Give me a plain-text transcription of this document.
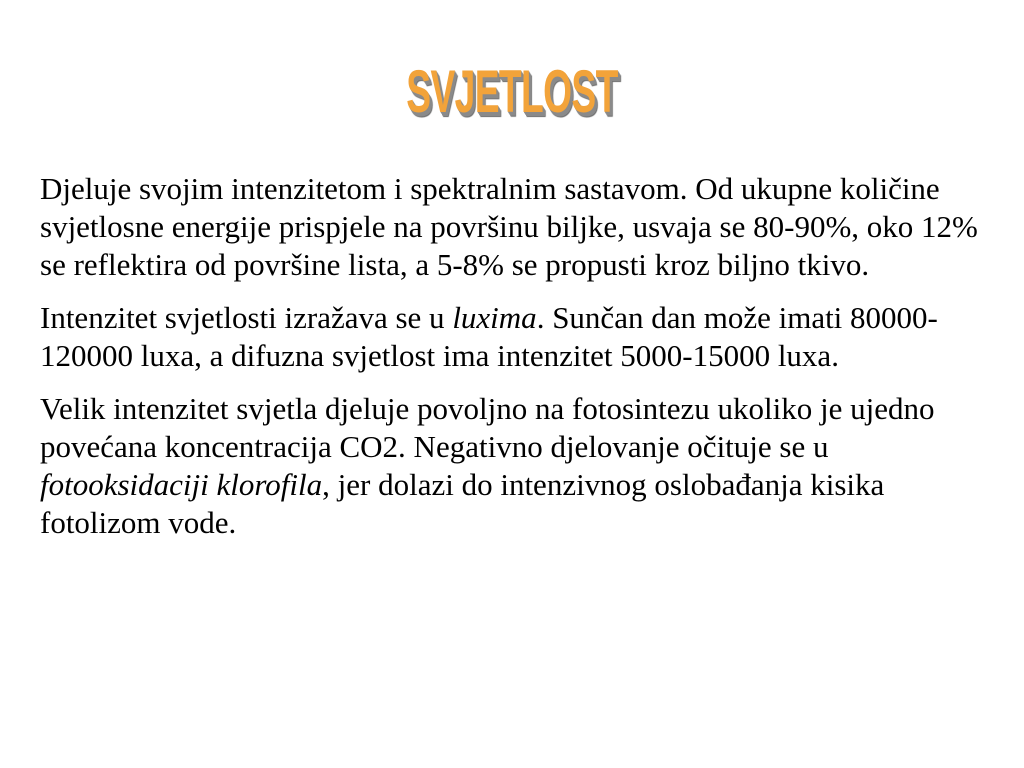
SVJETLOST

Djeluje svojim intenzitetom i spektralnim sastavom. Od ukupne količine svjetlosne energije prispjele na površinu biljke, usvaja se 80-90%, oko 12% se reflektira od površine lista, a 5-8% se propusti kroz biljno tkivo.

Intenzitet svjetlosti izražava se u luxima. Sunčan dan može imati 80000-120000 luxa, a difuzna svjetlost ima intenzitet 5000-15000 luxa.

Velik intenzitet svjetla djeluje povoljno na fotosintezu ukoliko je ujedno povećana koncentracija CO2. Negativno djelovanje očituje se u fotooksidaciji klorofila, jer dolazi do intenzivnog oslobađanja kisika fotolizom vode.
